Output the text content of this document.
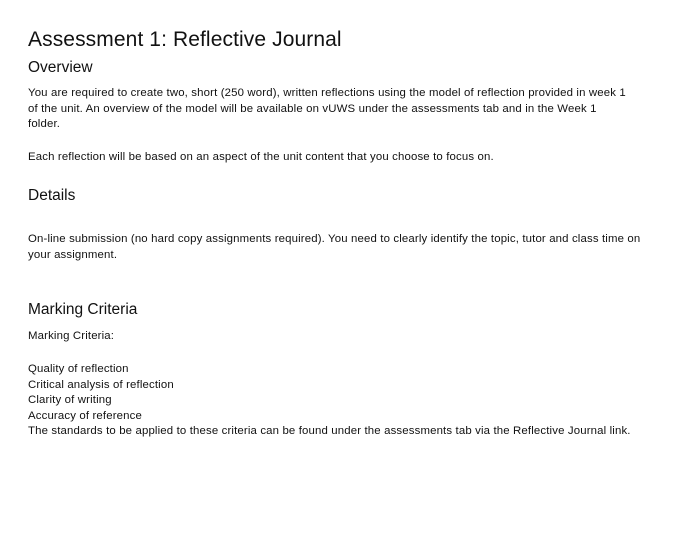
Assessment 1: Reflective Journal
Overview

You are required to create two, short (250 word), written reflections using the model of reflection provided in week 1 of the unit. An overview of the model will be available on vUWS under the assessments tab and in the Week 1 folder.

Each reflection will be based on an aspect of the unit content that you choose to focus on.

Details

On-line submission (no hard copy assignments required). You need to clearly identify the topic, tutor and class time on your assignment.

Marking Criteria

Marking Criteria:

Quality of reflection
Critical analysis of reflection
Clarity of writing
Accuracy of reference
The standards to be applied to these criteria can be found under the assessments tab via the Reflective Journal link.
